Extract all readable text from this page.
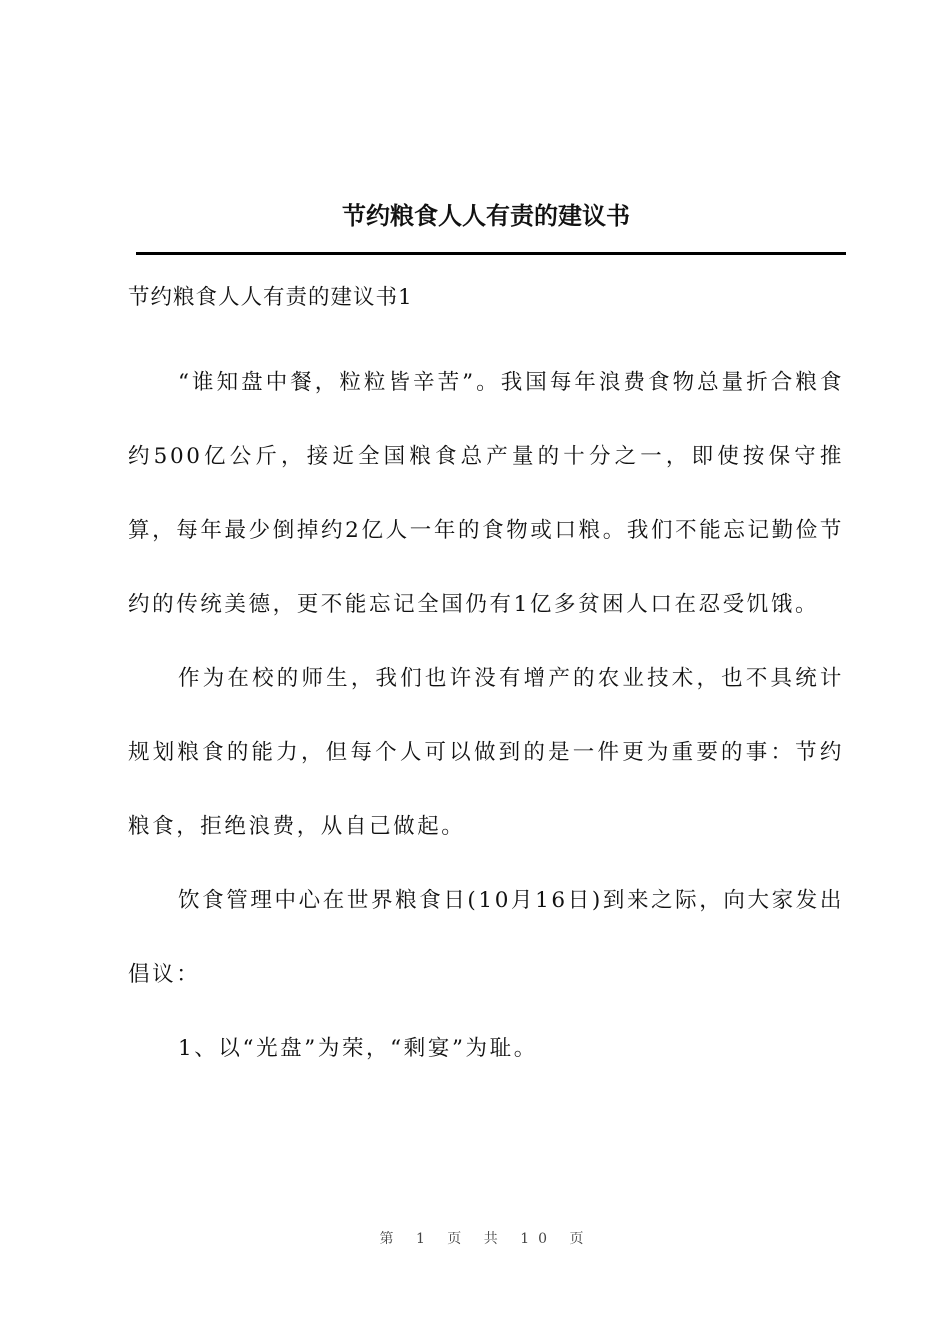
节约粮食人人有责的建议书
节约粮食人人有责的建议书1

“谁知盘中餐，粒粒皆辛苦”。我国每年浪费食物总量折合粮食约500亿公斤，接近全国粮食总产量的十分之一，即使按保守推算，每年最少倒掉约2亿人一年的食物或口粮。我们不能忘记勤俭节约的传统美德，更不能忘记全国仍有1亿多贫困人口在忍受饥饿。

作为在校的师生，我们也许没有增产的农业技术，也不具统计规划粮食的能力，但每个人可以做到的是一件更为重要的事：节约粮食，拒绝浪费，从自己做起。

饮食管理中心在世界粮食日(10月16日)到来之际，向大家发出倡议：

1、以“光盘”为荣，“剩宴”为耻。

第 1 页 共 10 页
